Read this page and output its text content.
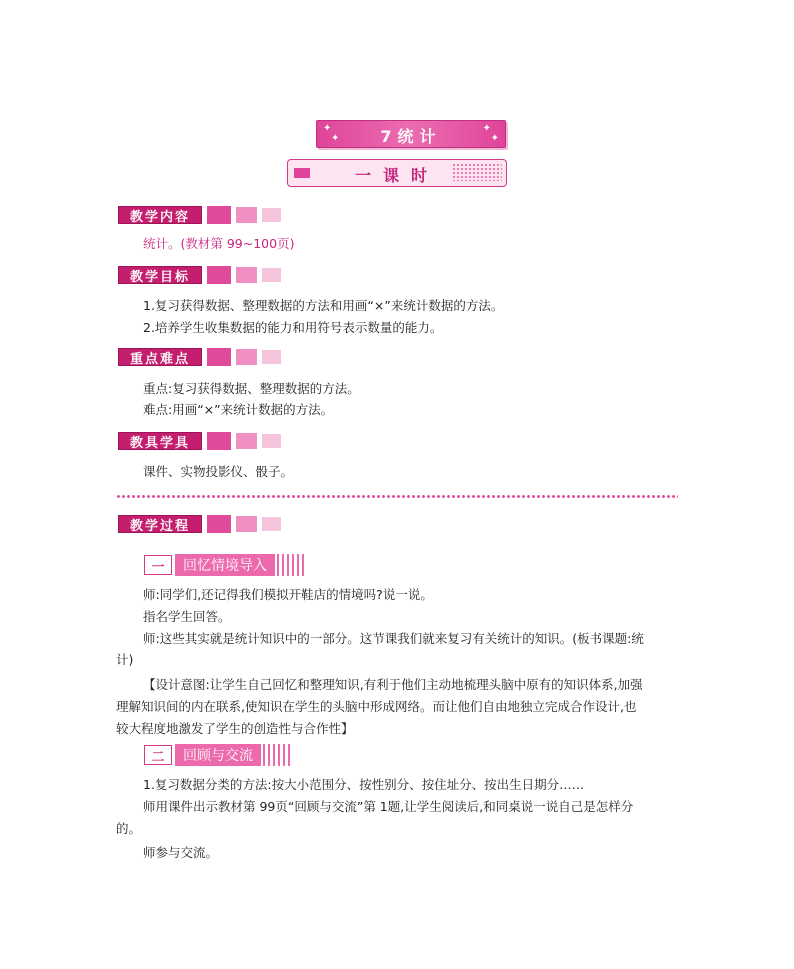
✦
✦	7统计	✦
✦
一课时
教学内容
统计。(教材第 99~100页)
教学目标
1.复习获得数据、整理数据的方法和用画“×”来统计数据的方法。
2.培养学生收集数据的能力和用符号表示数量的能力。
重点难点
重点:复习获得数据、整理数据的方法。
难点:用画“×”来统计数据的方法。
教具学具
课件、实物投影仪、骰子。
教学过程
一	回忆情境导入
师:同学们,还记得我们模拟开鞋店的情境吗?说一说。
指名学生回答。
师:这些其实就是统计知识中的一部分。这节课我们就来复习有关统计的知识。(板书课题:统
计)
【设计意图:让学生自己回忆和整理知识,有利于他们主动地梳理头脑中原有的知识体系,加强
理解知识间的内在联系,使知识在学生的头脑中形成网络。而让他们自由地独立完成合作设计,也
较大程度地激发了学生的创造性与合作性】
二	回顾与交流
1.复习数据分类的方法:按大小范围分、按性别分、按住址分、按出生日期分……
师用课件出示教材第 99页“回顾与交流”第 1题,让学生阅读后,和同桌说一说自己是怎样分
的。
师参与交流。
